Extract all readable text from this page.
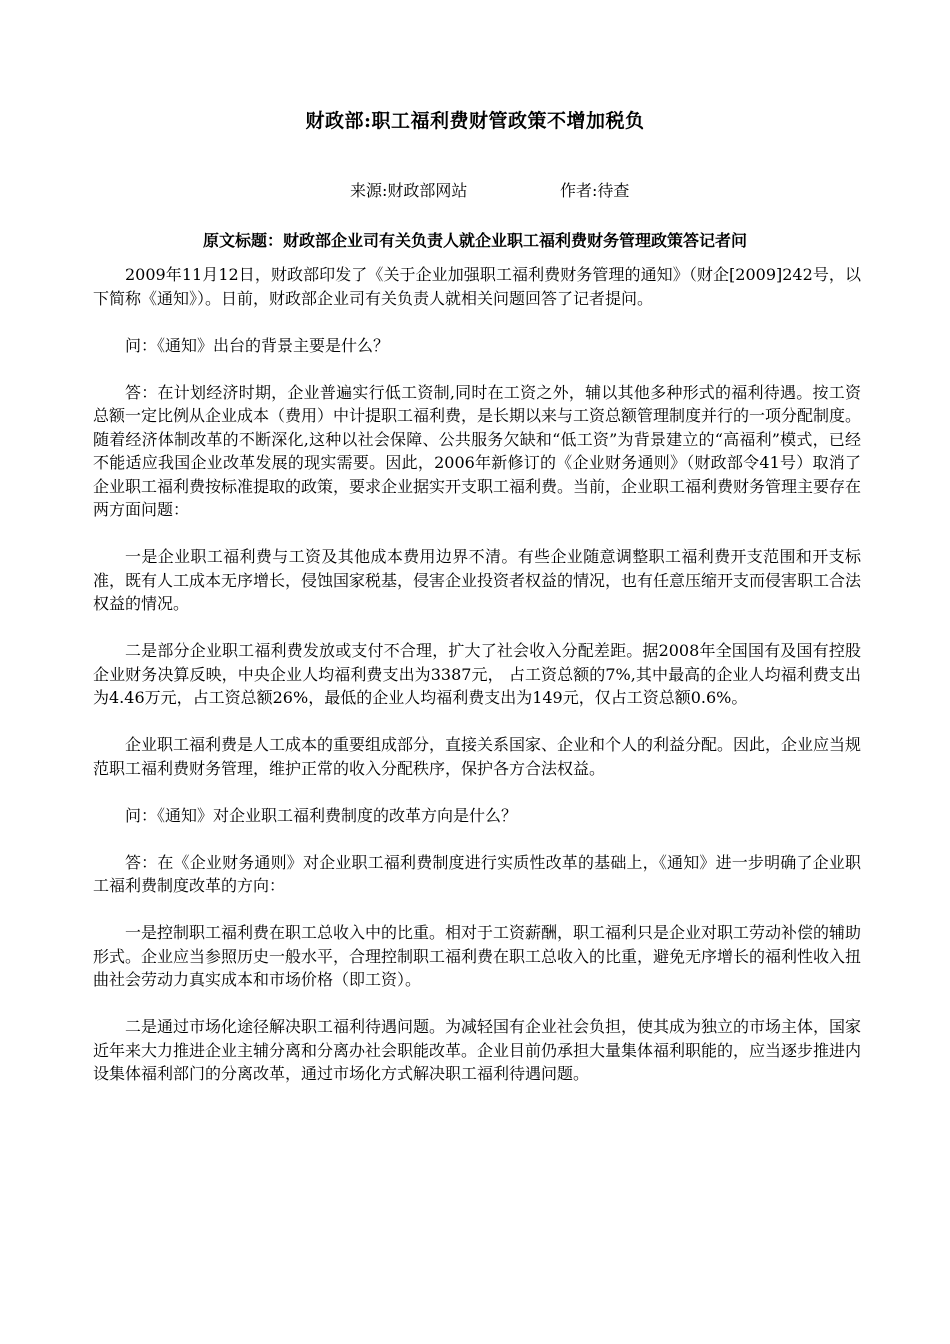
财政部:职工福利费财管政策不增加税负
来源:财政部网站	作者:待查
原文标题：财政部企业司有关负责人就企业职工福利费财务管理政策答记者问

2009年11月12日，财政部印发了《关于企业加强职工福利费财务管理的通知》（财企[2009]242号，以下简称《通知》）。日前，财政部企业司有关负责人就相关问题回答了记者提问。

问：《通知》出台的背景主要是什么？

答：在计划经济时期，企业普遍实行低工资制,同时在工资之外，辅以其他多种形式的福利待遇。按工资总额一定比例从企业成本（费用）中计提职工福利费，是长期以来与工资总额管理制度并行的一项分配制度。随着经济体制改革的不断深化,这种以社会保障、公共服务欠缺和“低工资”为背景建立的“高福利”模式，已经不能适应我国企业改革发展的现实需要。因此，2006年新修订的《企业财务通则》（财政部令41号）取消了企业职工福利费按标准提取的政策，要求企业据实开支职工福利费。当前，企业职工福利费财务管理主要存在两方面问题：

一是企业职工福利费与工资及其他成本费用边界不清。有些企业随意调整职工福利费开支范围和开支标准，既有人工成本无序增长，侵蚀国家税基，侵害企业投资者权益的情况，也有任意压缩开支而侵害职工合法权益的情况。

二是部分企业职工福利费发放或支付不合理，扩大了社会收入分配差距。据2008年全国国有及国有控股企业财务决算反映，中央企业人均福利费支出为3387元， 占工资总额的7%,其中最高的企业人均福利费支出为4.46万元，占工资总额26%，最低的企业人均福利费支出为149元，仅占工资总额0.6%。

企业职工福利费是人工成本的重要组成部分，直接关系国家、企业和个人的利益分配。因此，企业应当规范职工福利费财务管理，维护正常的收入分配秩序，保护各方合法权益。

问：《通知》对企业职工福利费制度的改革方向是什么？

答：在《企业财务通则》对企业职工福利费制度进行实质性改革的基础上，《通知》进一步明确了企业职工福利费制度改革的方向：

一是控制职工福利费在职工总收入中的比重。相对于工资薪酬，职工福利只是企业对职工劳动补偿的辅助形式。企业应当参照历史一般水平，合理控制职工福利费在职工总收入的比重，避免无序增长的福利性收入扭曲社会劳动力真实成本和市场价格（即工资）。

二是通过市场化途径解决职工福利待遇问题。为减轻国有企业社会负担，使其成为独立的市场主体，国家近年来大力推进企业主辅分离和分离办社会职能改革。企业目前仍承担大量集体福利职能的，应当逐步推进内设集体福利部门的分离改革，通过市场化方式解决职工福利待遇问题。
